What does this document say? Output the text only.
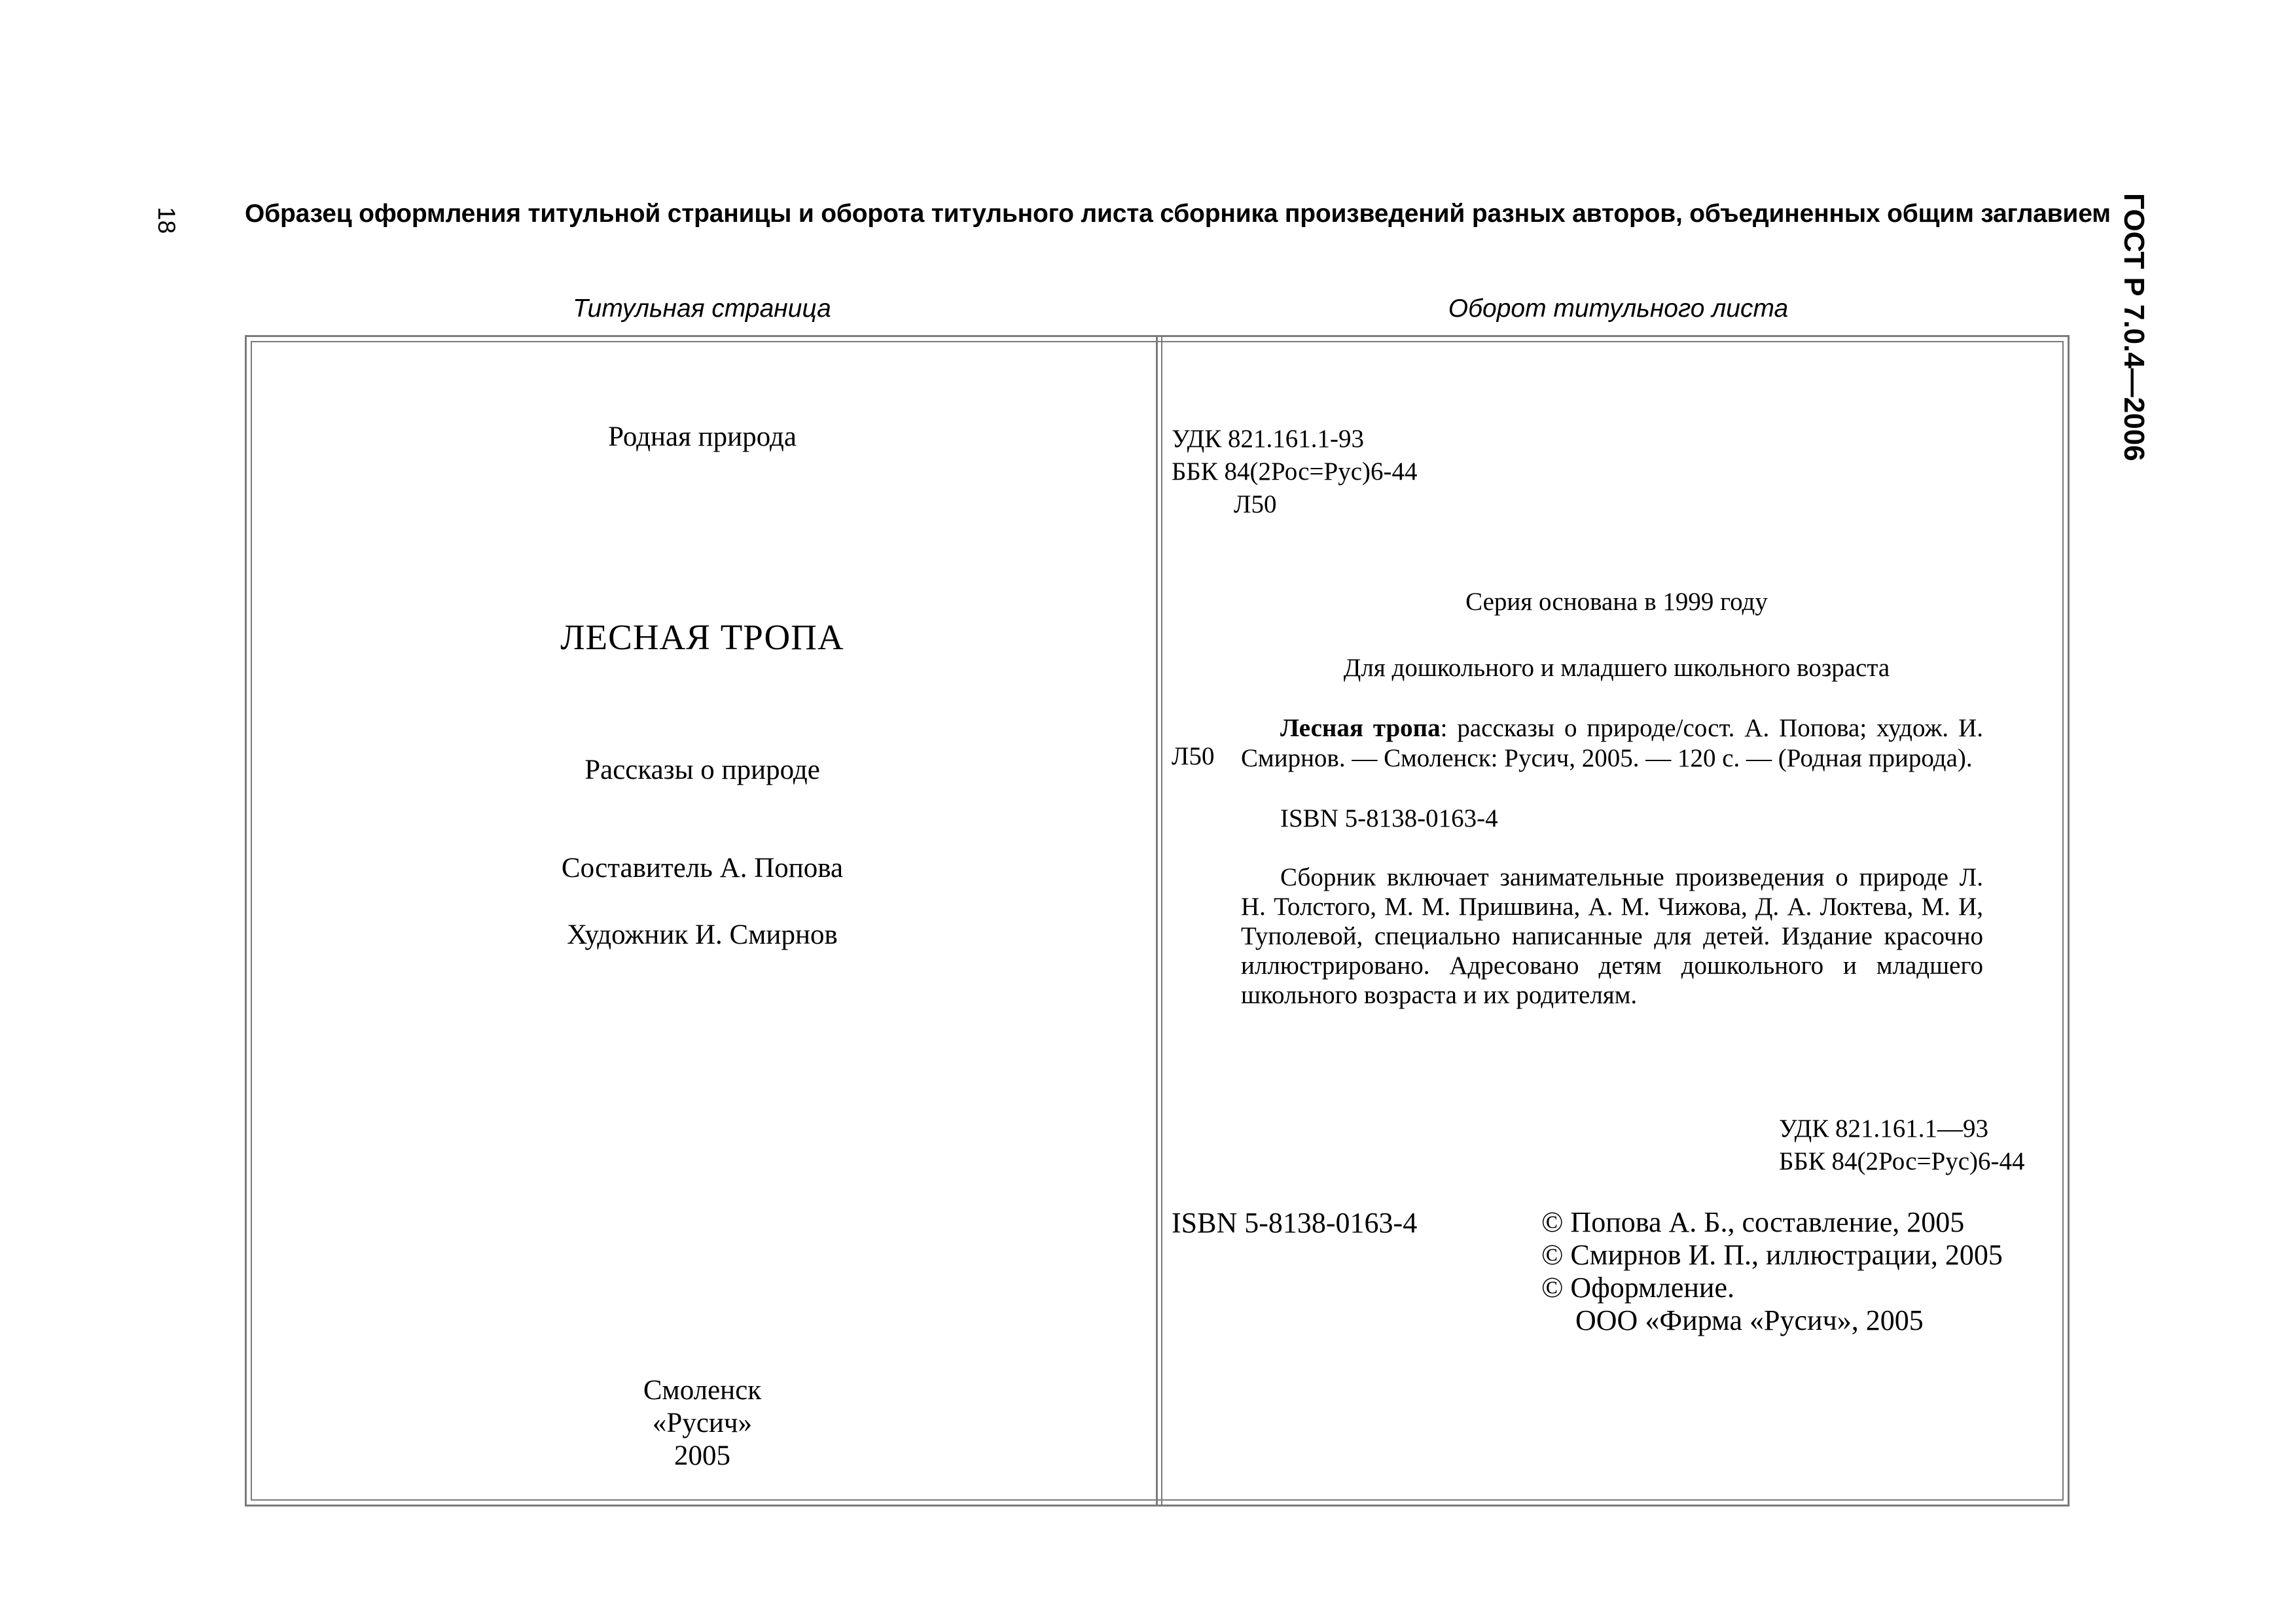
18	Образец оформления титульной страницы и оборота титульного листа сборника произведений разных авторов, объединенных общим заглавием ГОСТ Р 7.0.4—2006
Титульная страница	Оборот титульного листа
Родная природа
ЛЕСНАЯ ТРОПА
Рассказы о природе
Составитель А. Попова
Художник И. Смирнов
Смоленск
«Русич»
2005
УДК 821.161.1-93
ББК 84(2Рос=Рус)6-44
Л50
Серия основана в 1999 году
Для дошкольного и младшего школьного возраста
Л50
Лесная тропа: рассказы о природе/сост. А. Попова; худож. И. Смирнов. — Смоленск: Русич, 2005. — 120 с. — (Родная природа).
ISBN 5-8138-0163-4
Сборник включает занимательные произведения о природе Л. Н. Толстого, М. М. Пришвина, А. М. Чижова, Д. А. Локтева, М. И, Туполевой, специально написанные для детей. Издание красочно иллюстрировано. Адресовано детям дошкольного и младшего школьного возраста и их родителям.
УДК 821.161.1—93
ББК 84(2Рос=Рус)6-44
ISBN 5-8138-0163-4	© Попова А. Б., составление, 2005
© Смирнов И. П., иллюстрации, 2005
© Оформление.
ООО «Фирма «Русич», 2005
